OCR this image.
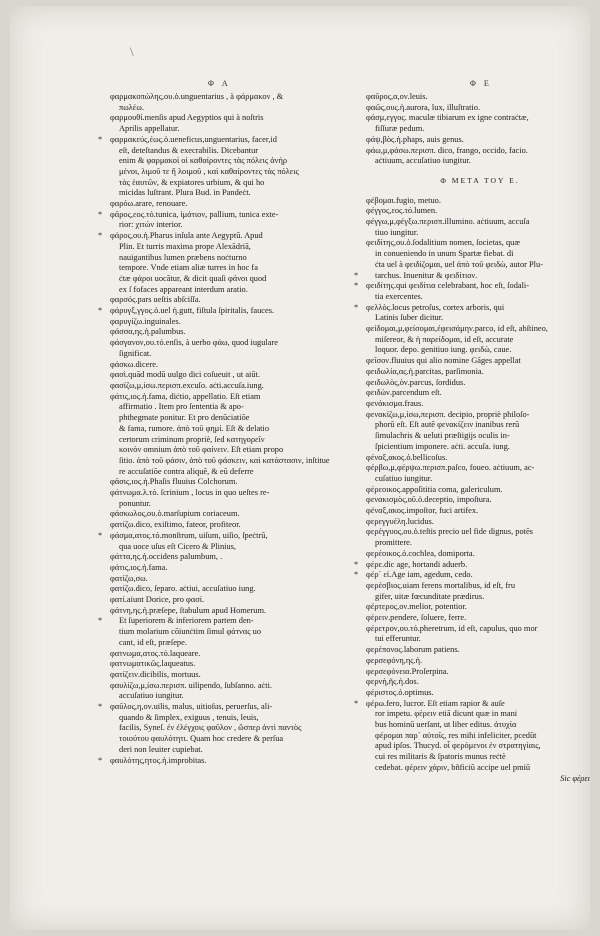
\
Φ A	Φ E
φαρμακοπώλης,ου.ὁ.unguentarius , à φάρμακον , &
πωλέω.
φαρμουθί.menſis apud Aegyptios qui à noſtris
Aprilis appellatur.
* φαρμακεύς,έως.ὁ.ueneficus,unguentarius, facer,id
eſt, deteſtandus & execrabilis. Dicebantur
enim & φαρμακοὶ οἱ καθαίροντες τὰς πόλεις ἀνήρ
μένοι, λιμοῦ τε ἢ λοιμοῦ , καὶ καθαίροντες τὰς πόλεις
τὰς ἑαυτῶν, & expiatores urbium, & qui ho
micidas luſtrant. Plura Bud. in Pandeċt.
φαρόω.arare, renouare.
* φᾶρος,εος.τό.tunica, ἱμάτιον, pallium, tunica exte-
rior: χιτών interior.
* φάρος,ου.ἡ.Pharus inſula ante Aegyptū. Apud
Plin. Et turris maxima prope Alexādriā,
nauigantibus lumen præbens noċturno
tempore. Vnde etiam aliæ turres in hoc fa
ċtæ φάροι uocātur, & dicit quaſi φάνοι quod
ex ſ fofaces appareant interdum aratio.
φαρσός.pars ueſtis abſciſſa.
* φάρυγξ,γγος.ὁ.uel ἡ.gutt, fiſtula ſpiritalis, fauces.
φαρυγίζω.inguinales.
φάσσα,ης.ἡ.palumbus.
φάσγανον,ου.τό.enſis, à uerbo φάω, quod iugulare
ſignificat.
φάσκω.dicere.
φασὶ.quād modū uulgo dici coſueuit , ut aiūt.
φασίζω,μ,ίσω.περισπ.excuſo. aċti.accuſa.iung.
φάτις,ιος.ἡ.fama, diċtio, appellatio. Eſt etiam
affirmatio . Item pro ſententia & apo-
phthegmate ponitur. Et pro denūciatiōe
& fama, rumore. ἀπὸ τοῦ φημί. Eſt & delatio
certorum criminum propriè, ſed κατηγορεῖν
κοινὸν omnium ἀπὸ τοῦ φαίνειν. Eſt etiam propo
ſitio. ἀπὸ τοῦ φάσιν, ἀπὸ τοῦ φάσκειν, καὶ κατάστασιν, inſtitue
re accuſatiōe contra aliquē, & eū deferre
φᾶσις,ιος.ἡ.Phaſis fluuius Colchorum.
φάτνωμα.λ.τό. ſcrinium , locus in quo ueſtes re-
ponuntur.
φάσκωλος,ου.ὁ.marſupium coriaceum.
φατίζω.dico, exiſtimo, fateor, profiteor.
* φάσμα,ατος.τό.monſtrum, uiſum, uiſio, ſpeċtrū,
qua uoce uſus eſt Cicero & Plinius,
φάττα,ης.ἡ.occidens palumbum, .
φάτις,ιος.ἡ.fama.
φατίζω,σω.
φατίζω.dico, ſeparo. aċtiui, accuſatiuo iung.
φατί.aiunt Dorice, pro φασί.
φάτνη,ης.ἡ.præſepe, ſtabulum apud Homerum.
* Et ſuperiorem & inferiorem partem den-
tium molarium cōiunċtim ſimul φάτνας uo
cant, id eſt, præſepe.
φατνωμα,ατος.τό.laqueare.
φατνωματικῶς.laqueatus.
φατίζειν.dicibilis, mortuus.
φαυλίζω,μ,ίσω.περισπ. uilipendo, ſubſanno. aċti.
accuſatiuo iungitur.
* φαῦλος,η,ον.uilis, malus, uitioſus, peruerſus, ali-
quando & ſimplex, exiguus , tenuis, leuis,
facilis, Syneſ. ἐν ἐλέγχοις φαῦλον , ὥσπερ ἀντὶ παντὸς
τοιούτου φαυλότητι. Quam hoc credere & perſua
deri non leuiter cupiebat.
* φαυλότης,ητος.ἡ.improbitas.
φαῦρος,α,ον.leuis.
φαῶς,ους.ἡ.aurora, lux, illuſtratio.
φάσμ,εγγος. maculæ tibiarum ex igne contraċtæ,
fiſſuræ pedum.
φάψ,βὸς.ἡ.phaps, auis genus.
φάω,μ,φάσω.περισπ. dico, frango, occido, facio.
aċtiuum, accuſatiuo iungitur.
Φ META TOY E.
φέβομαι.fugio, metuo.
φέγγος,εος.τό.lumen.
φέγγω,μ,φέγξω.περισπ.illumino. aċtiuum, accuſa
tiuo iungitur.
φειδίτης,ου.ὁ.ſodalitium nomen, ſocietas, quæ
in conueniendo in unum Spartæ fiebat. di
ċta uel à φειδίζομαι, uel ἀπὸ τοῦ φειδὼ, autor Plu-
* tarchus. Inuenitur & φειδίτιον.
* φειδίτης.qui φειδίτια celebrabant, hoc eſt, ſodali-
tia exercentes.
* φελλὸς.locus petroſus, cortex arboris, qui
Latinis ſuber dicitur.
φείδομαι,μ,φείσομαι,ἐφεισάμην.parco, id eſt, abſtineo,
miſereor, & ἡ παρείδομαι, id eſt, accurate
loquor. depo. genitiuo iung. φειδὼ, caue.
φεῖσον.fluuius qui alio nomine Gāges appellat
φειδωλία,ας.ἡ.parcitas, parſimonia.
φειδωλὸς,ὸν.parcus, ſordidus.
φειδὼν.parcendum eſt.
φενάκισμα.fraus.
φενακίζω,μ,ίσω,περισπ. decipio, propriè philoſo-
phorū eſt. Eſt autē φενακίζειν inanibus rerū
ſimulachris & ueluti præſtigijs oculis in-
ſpicientium imponere. aċti. accuſa. iung.
φέναξ,ακος.ὁ.bellicoſus.
φέρβω,μ,φέρψω.περισπ.paſco, foueo. aċtiuum, ac-
cuſatiuo iungitur.
φέρεοικος.appoſititia coma, galericulum.
φενακισμὸς,οῦ.ὁ.deceptio, impoſtura.
φέναξ,ακος.impoſtor, fuci artifex.
φερεγγυέλη.lucidus.
φερέγγυος,ου.ὁ.teſtis precio uel fide dignus, potēs
promittere.
φερέοικος.ὁ.cochlea, domiporta.
* φέρε.dic age, hortandi aduerb.
* φέρ᾽ εἰ.Age iam, agedum, cedo.
φερέσβιος.uiam ferens mortalibus, id eſt, fru
gifer, uitæ fœcunditate prædirus.
φέρτερος,ον.melior, potentior.
φέρειν.pendere, ſoluere, ferre.
φέρετρον,ου.τό.pheretrum, id eſt, capulus, quo mor
tui efferuntur.
φερέπονος.laborum patiens.
φερσεφόνη,ης.ἡ.
φερσεφόνεια.Proſerpina.
φερνὴ,ῆς.ἡ.dos.
φέριστος.ὁ.optimus.
* φέρω.fero, lucror. Eſt etiam rapior & auſe
ror impetu. φέρειν etiā dicunt quæ in mani
bus hominū uerſant, ut liber editus. ἀτυχία
φέρομαι παρ᾽ αὐτοῖς, res mihi infeliciter, pcedūt
apud ipſos. Thucyd. οἷ φερόμενοι ἐν στρατηγίαις,
cui res militaris & ſpatoris munus reċtè
cedebat. φέρειν χάριν, bñficiū accipe uel pmiū
Sic φέρει
